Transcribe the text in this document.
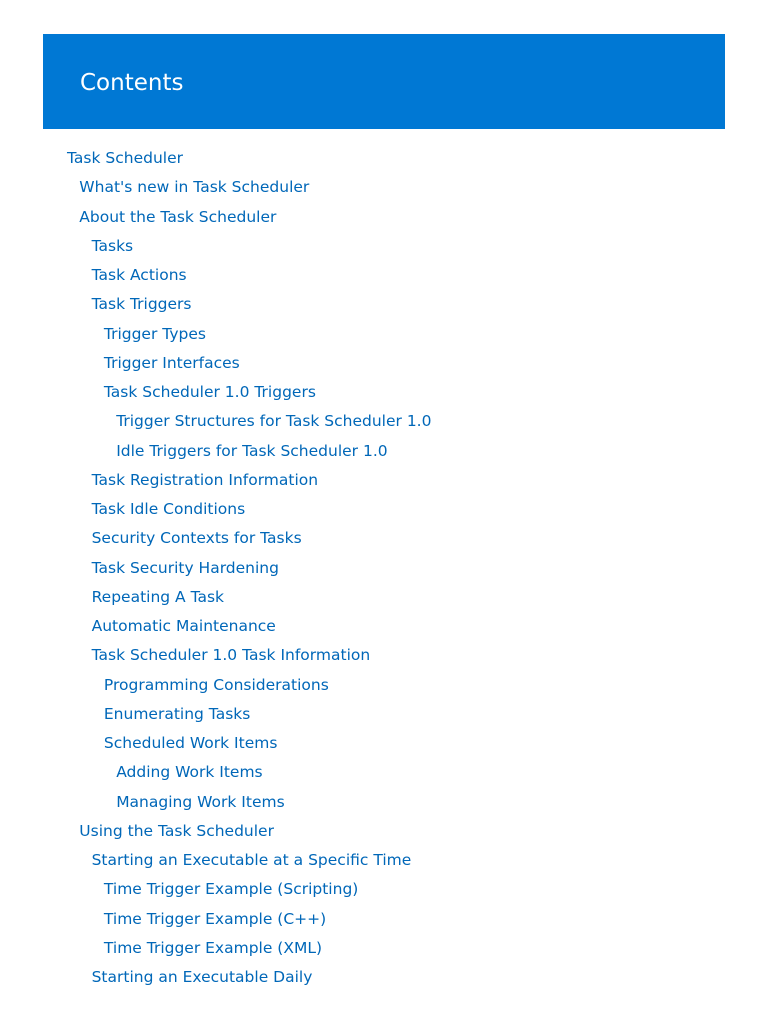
Contents
Task Scheduler
What's new in Task Scheduler
About the Task Scheduler
Tasks
Task Actions
Task Triggers
Trigger Types
Trigger Interfaces
Task Scheduler 1.0 Triggers
Trigger Structures for Task Scheduler 1.0
Idle Triggers for Task Scheduler 1.0
Task Registration Information
Task Idle Conditions
Security Contexts for Tasks
Task Security Hardening
Repeating A Task
Automatic Maintenance
Task Scheduler 1.0 Task Information
Programming Considerations
Enumerating Tasks
Scheduled Work Items
Adding Work Items
Managing Work Items
Using the Task Scheduler
Starting an Executable at a Specific Time
Time Trigger Example (Scripting)
Time Trigger Example (C++)
Time Trigger Example (XML)
Starting an Executable Daily
